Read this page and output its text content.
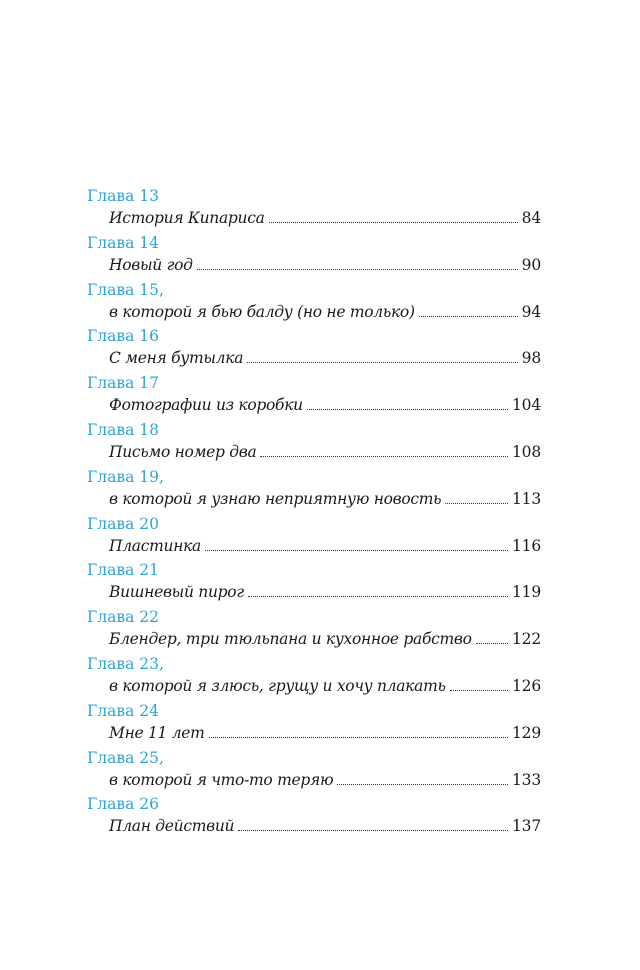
Глава 13
История Кипариса	84
Глава 14
Новый год	90
Глава 15,
в которой я бью балду (но не только)	94
Глава 16
С меня бутылка	98
Глава 17
Фотографии из коробки	104
Глава 18
Письмо номер два	108
Глава 19,
в которой я узнаю неприятную новость	113
Глава 20
Пластинка	116
Глава 21
Вишневый пирог	119
Глава 22
Блендер, три тюльпана и кухонное рабство	122
Глава 23,
в которой я злюсь, грущу и хочу плакать	126
Глава 24
Мне 11 лет	129
Глава 25,
в которой я что-то теряю	133
Глава 26
План действий	137
